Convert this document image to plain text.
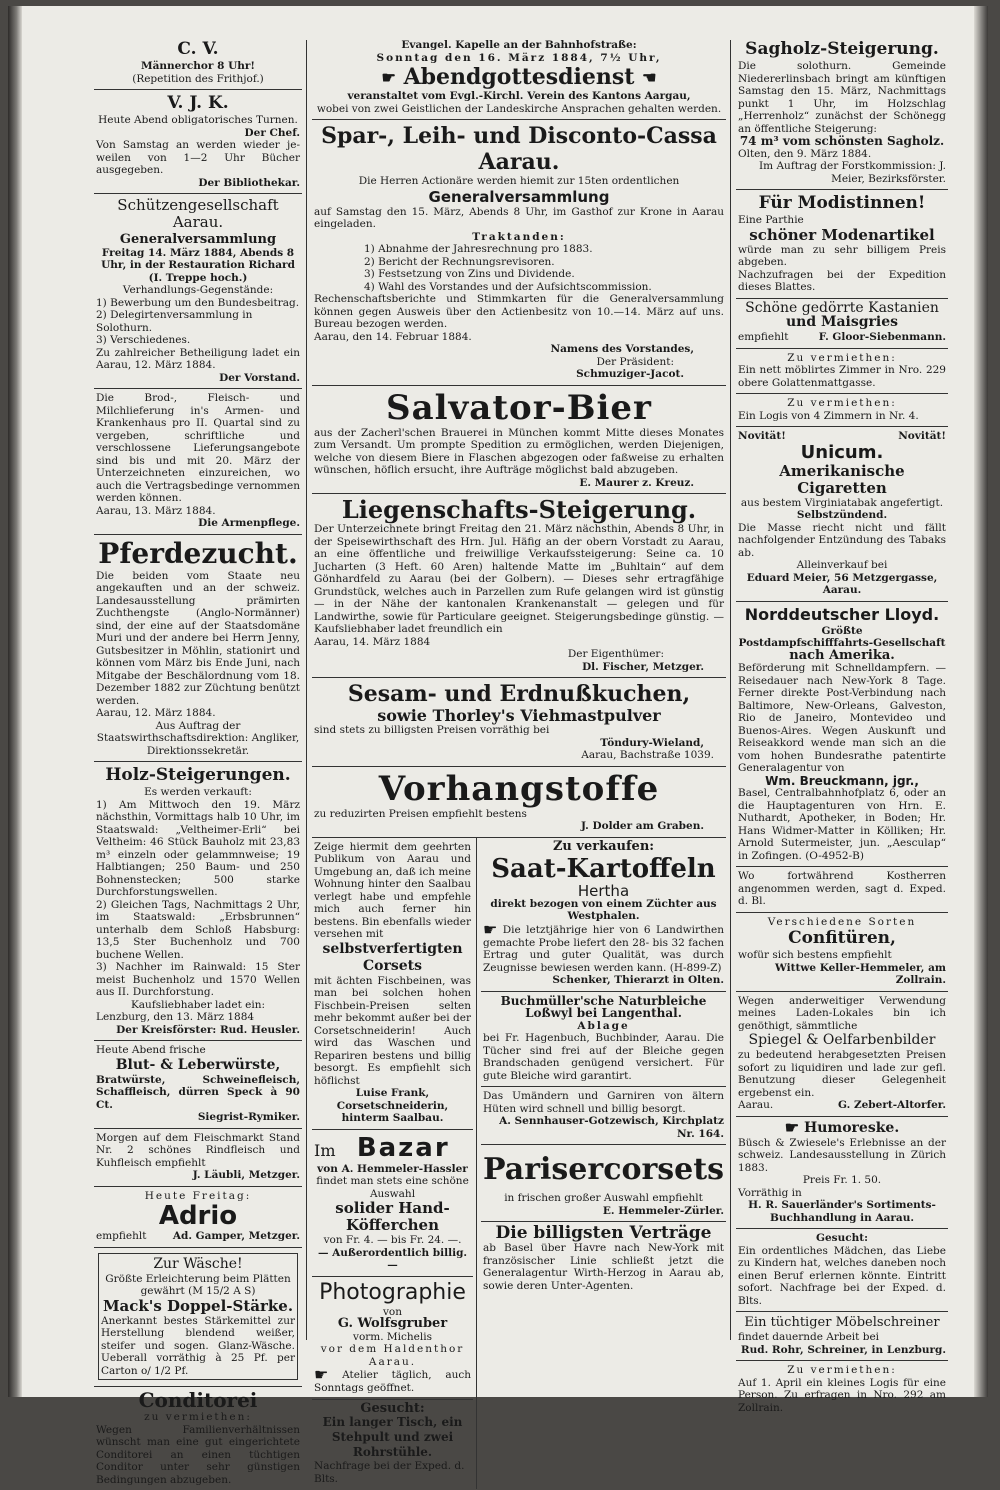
C. V.
Männerchor 8 Uhr!
(Repetition des Frithjof.)
V. J. K.
Heute Abend obligatorisches Turnen.
Der Chef.
Von Samstag an werden wieder je-weilen von 1—2 Uhr Bücher ausgegeben.
Der Bibliothekar.
Schützengesellschaft Aarau.
Generalversammlung
Freitag 14. März 1884, Abends 8 Uhr, in der Restauration Richard (I. Treppe hoch.)
Verhandlungs-Gegenstände:
1) Bewerbung um den Bundesbeitrag.
2) Delegirtenversammlung in Solothurn.
3) Verschiedenes.
Zu zahlreicher Betheiligung ladet ein Aarau, 12. März 1884.
Der Vorstand.
Die Brod-, Fleisch- und Milchlieferung in's Armen- und Krankenhaus pro II. Quartal sind zu vergeben, schriftliche und verschlossene Lieferungsangebote sind bis und mit 20. März der Unterzeichneten einzureichen, wo auch die Vertragsbedinge vernommen werden können.
Aarau, 13. März 1884.
Die Armenpflege.
Pferdezucht.
Die beiden vom Staate neu angekauften und an der schweiz. Landesausstellung prämirten Zuchthengste (Anglo-Normänner) sind, der eine auf der Staatsdomäne Muri und der andere bei Herrn Jenny, Gutsbesitzer in Möhlin, stationirt und können vom März bis Ende Juni, nach Mitgabe der Beschälordnung vom 18. Dezember 1882 zur Züchtung benützt werden.
Aarau, 12. März 1884.
Aus Auftrag der Staatswirthschaftsdirektion: Angliker, Direktionssekretär.
Holz-Steigerungen.
Es werden verkauft:
1) Am Mittwoch den 19. März nächsthin, Vormittags halb 10 Uhr, im Staatswald: „Veltheimer-Erli“ bei Veltheim: 46 Stück Bauholz mit 23,83 m³ einzeln oder gelammnweise; 19 Halbtiangen; 250 Baum- und 250 Bohnenstecken; 500 starke Durchforstungswellen.
2) Gleichen Tags, Nachmittags 2 Uhr, im Staatswald: „Erbsbrunnen“ unterhalb dem Schloß Habsburg: 13,5 Ster Buchenholz und 700 buchene Wellen.
3) Nachher im Rainwald: 15 Ster meist Buchenholz und 1570 Wellen aus II. Durchforstung.
Kaufsliebhaber ladet ein:
Lenzburg, den 13. März 1884
Der Kreisförster: Rud. Heusler.
Heute Abend frische
Blut- & Leberwürste,
Bratwürste, Schweinefleisch, Schaffleisch, dürren Speck à 90 Ct.
Siegrist-Rymiker.
Morgen auf dem Fleischmarkt Stand Nr. 2 schönes Rindfleisch und Kuhfleisch empfiehlt
J. Läubli, Metzger.
Heute Freitag:
Adrio
empfiehlt	Ad. Gamper, Metzger.
Zur Wäsche!
Größte Erleichterung beim Plätten gewährt (M 15/2 A S)
Mack's Doppel-Stärke.
Anerkannt bestes Stärkemittel zur Herstellung blendend weißer, steifer und sogen. Glanz-Wäsche. Ueberall vorräthig à 25 Pf. per Carton o/ 1/2 Pf.
Conditorei
zu vermiethen:
Wegen Familienverhältnissen wünscht man eine gut eingerichtete Conditorei an einen tüchtigen Conditor unter sehr günstigen Bedingungen abzugeben.
Evangel. Kapelle an der Bahnhofstraße:
Sonntag den 16. März 1884, 7½ Uhr,
☛ Abendgottesdienst ☚
veranstaltet vom Evgl.-Kirchl. Verein des Kantons Aargau,
wobei von zwei Geistlichen der Landeskirche Ansprachen gehalten werden.
Spar-, Leih- und Disconto-Cassa Aarau.
Die Herren Actionäre werden hiemit zur 15ten ordentlichen
Generalversammlung
auf Samstag den 15. März, Abends 8 Uhr, im Gasthof zur Krone in Aarau eingeladen.
Traktanden:
1) Abnahme der Jahresrechnung pro 1883.
2) Bericht der Rechnungsrevisoren.
3) Festsetzung von Zins und Dividende.
4) Wahl des Vorstandes und der Aufsichtscommission.
Rechenschaftsberichte und Stimmkarten für die Generalversammlung können gegen Ausweis über den Actienbesitz von 10.—14. März auf uns. Bureau bezogen werden.
Aarau, den 14. Februar 1884.
Namens des Vorstandes,
Der Präsident:
Schmuziger-Jacot.
Salvator-Bier
aus der Zacherl'schen Brauerei in München kommt Mitte dieses Monates zum Versandt. Um prompte Spedition zu ermöglichen, werden Diejenigen, welche von diesem Biere in Flaschen abgezogen oder faßweise zu erhalten wünschen, höflich ersucht, ihre Aufträge möglichst bald abzugeben.
E. Maurer z. Kreuz.
Liegenschafts-Steigerung.
Der Unterzeichnete bringt Freitag den 21. März nächsthin, Abends 8 Uhr, in der Speisewirthschaft des Hrn. Jul. Häfig an der obern Vorstadt zu Aarau, an eine öffentliche und freiwillige Verkaufssteigerung: Seine ca. 10 Jucharten (3 Heft. 60 Aren) haltende Matte im „Buhltain“ auf dem Gönhardfeld zu Aarau (bei der Golbern). — Dieses sehr ertragfähige Grundstück, welches auch in Parzellen zum Rufe gelangen wird ist günstig — in der Nähe der kantonalen Krankenanstalt — gelegen und für Landwirthe, sowie für Particulare geeignet. Steigerungsbedinge günstig. — Kaufsliebhaber ladet freundlich ein
Aarau, 14. März 1884
Der Eigenthümer:
Dl. Fischer, Metzger.
Sesam- und Erdnußkuchen,
sowie Thorley's Viehmastpulver
sind stets zu billigsten Preisen vorräthig bei
Töndury-Wieland,
Aarau, Bachstraße 1039.
Vorhangstoffe
zu reduzirten Preisen empfiehlt bestens
J. Dolder am Graben.
Zeige hiermit dem geehrten Publikum von Aarau und Umgebung an, daß ich meine Wohnung hinter den Saalbau verlegt habe und empfehle mich auch ferner hin bestens. Bin ebenfalls wieder versehen mit
selbstverfertigten Corsets
mit ächten Fischbeinen, was man bei solchen hohen Fischbein-Preisen selten mehr bekommt außer bei der Corsetschneiderin! Auch wird das Waschen und Repariren bestens und billig besorgt. Es empfiehlt sich höflichst
Luise Frank, Corsetschneiderin, hinterm Saalbau.
Im Bazar
von A. Hemmeler-Hassler
findet man stets eine schöne Auswahl
solider Hand-Köfferchen
von Fr. 4. — bis Fr. 24. —.
— Außerordentlich billig. —
Photographie
von
G. Wolfsgruber
vorm. Michelis
vor dem Haldenthor Aarau.
☛ Atelier täglich, auch Sonntags geöffnet.
Gesucht:
Ein langer Tisch, ein Stehpult und zwei Rohrstühle.
Nachfrage bei der Exped. d. Blts.
Zu verkaufen:
Saat-Kartoffeln
Hertha
direkt bezogen von einem Züchter aus Westphalen.
☛ Die letztjährige hier von 6 Landwirthen gemachte Probe liefert den 28- bis 32 fachen Ertrag und guter Qualität, was durch Zeugnisse bewiesen werden kann. (H-899-Z)
Schenker, Thierarzt in Olten.
Buchmüller'sche Naturbleiche
Loßwyl bei Langenthal.
Ablage
bei Fr. Hagenbuch, Buchbinder, Aarau. Die Tücher sind frei auf der Bleiche gegen Brandschaden genügend versichert. Für gute Bleiche wird garantirt.
Das Umändern und Garniren von ältern Hüten wird schnell und billig besorgt.
A. Sennhauser-Gotzewisch, Kirchplatz Nr. 164.
Parisercorsets
in frischen großer Auswahl empfiehlt
E. Hemmeler-Zürler.
Die billigsten Verträge
ab Basel über Havre nach New-York mit französischer Linie schließt jetzt die Generalagentur Wirth-Herzog in Aarau ab, sowie deren Unter-Agenten.
Sagholz-Steigerung.
Die solothurn. Gemeinde Niedererlinsbach bringt am künftigen Samstag den 15. März, Nachmittags punkt 1 Uhr, im Holzschlag „Herrenholz“ zunächst der Schönegg an öffentliche Steigerung:
74 m³ vom schönsten Sagholz.
Olten, den 9. März 1884.
Im Auftrag der Forstkommission: J. Meier, Bezirksförster.
Für Modistinnen!
Eine Parthie
schöner Modenartikel
würde man zu sehr billigem Preis abgeben.
Nachzufragen bei der Expedition dieses Blattes.
Schöne gedörrte Kastanien
und Maisgries
empfiehlt	F. Gloor-Siebenmann.
Zu vermiethen:
Ein nett möblirtes Zimmer in Nro. 229 obere Golattenmattgasse.
Zu vermiethen:
Ein Logis von 4 Zimmern in Nr. 4.
Novität!	Novität!
Unicum.
Amerikanische Cigaretten
aus bestem Virginiatabak angefertigt.
Selbstzündend.
Die Masse riecht nicht und fällt nachfolgender Entzündung des Tabaks ab.
Alleinverkauf bei
Eduard Meier, 56 Metzgergasse, Aarau.
Norddeutscher Lloyd.
Größte
Postdampfschifffahrts-Gesellschaft
nach Amerika.
Beförderung mit Schnelldampfern. — Reisedauer nach New-York 8 Tage. Ferner direkte Post-Verbindung nach Baltimore, New-Orleans, Galveston, Rio de Janeiro, Montevideo und Buenos-Aires. Wegen Auskunft und Reiseakkord wende man sich an die vom hohen Bundesrathe patentirte Generalagentur von
Wm. Breuckmann, jgr.,
Basel, Centralbahnhofplatz 6, oder an die Hauptagenturen von Hrn. E. Nuthardt, Apotheker, in Boden; Hr. Hans Widmer-Matter in Kölliken; Hr. Arnold Sutermeister, jun. „Aesculap“ in Zofingen. (O-4952-B)
Wo fortwährend Kostherren angenommen werden, sagt d. Exped. d. Bl.
Verschiedene Sorten
Confitüren,
wofür sich bestens empfiehlt
Wittwe Keller-Hemmeler, am Zollrain.
Wegen anderweitiger Verwendung meines Laden-Lokales bin ich genöthigt, sämmtliche
Spiegel & Oelfarbenbilder
zu bedeutend herabgesetzten Preisen sofort zu liquidiren und lade zur gefl. Benutzung dieser Gelegenheit ergebenst ein.
Aarau.	G. Zebert-Altorfer.
☛ Humoreske.
Büsch & Zwiesele's Erlebnisse an der schweiz. Landesausstellung in Zürich 1883.
Preis Fr. 1. 50.
Vorräthig in
H. R. Sauerländer's Sortiments-Buchhandlung in Aarau.
Gesucht:
Ein ordentliches Mädchen, das Liebe zu Kindern hat, welches daneben noch einen Beruf erlernen könnte. Eintritt sofort. Nachfrage bei der Exped. d. Blts.
Ein tüchtiger Möbelschreiner
findet dauernde Arbeit bei
Rud. Rohr, Schreiner, in Lenzburg.
Zu vermiethen:
Auf 1. April ein kleines Logis für eine Person. Zu erfragen in Nro. 292 am Zollrain.
